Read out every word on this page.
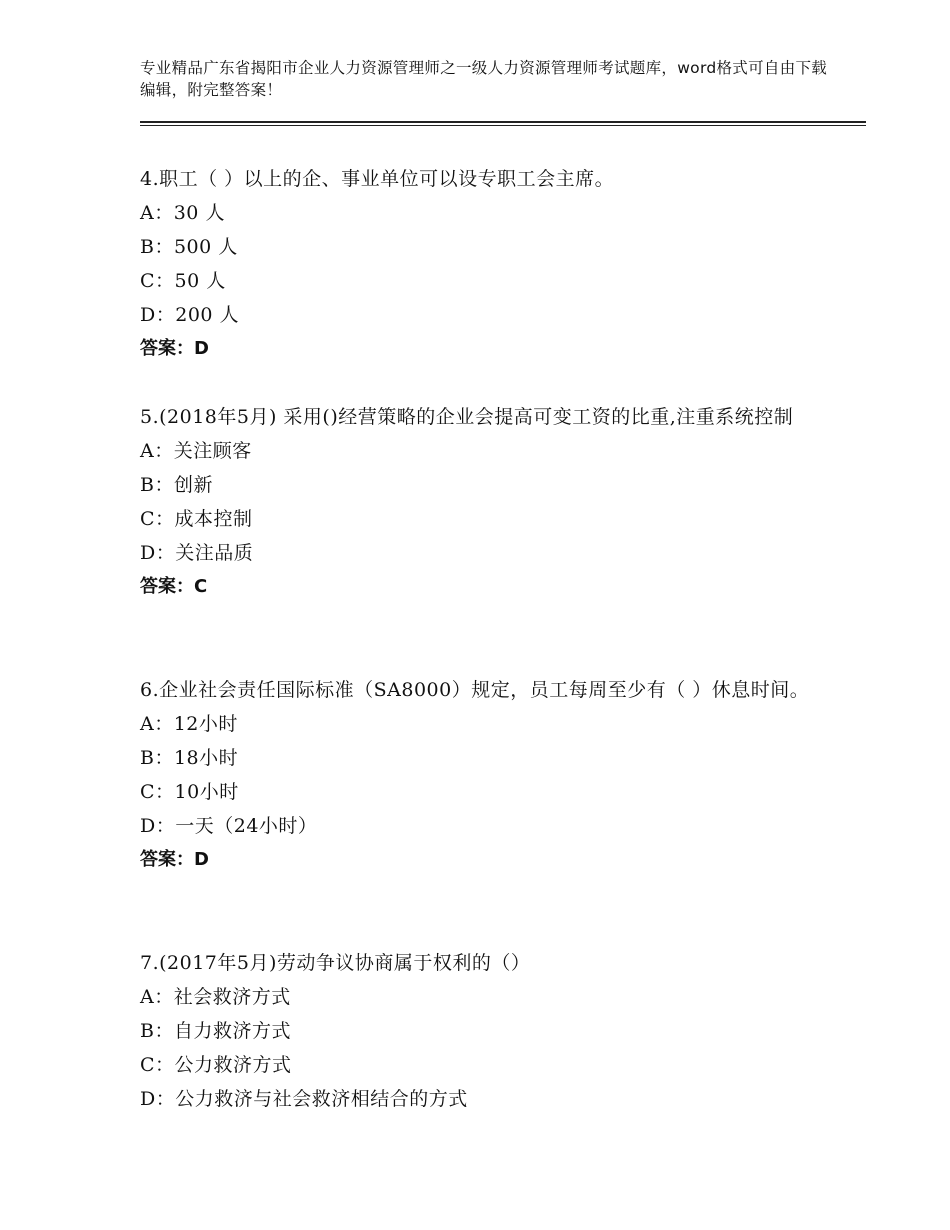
专业精品广东省揭阳市企业人力资源管理师之一级人力资源管理师考试题库，word格式可自由下载编辑，附完整答案！

4.职工（ ）以上的企、事业单位可以设专职工会主席。

A：30 人

B：500 人

C：50 人

D：200 人

答案：D

5.(2018年5月) 采用()经营策略的企业会提高可变工资的比重,注重系统控制

A：关注顾客

B：创新

C：成本控制

D：关注品质

答案：C

6.企业社会责任国际标准（SA8000）规定，员工每周至少有（ ）休息时间。

A：12小时

B：18小时

C：10小时

D：一天（24小时）

答案：D

7.(2017年5月)劳动争议协商属于权利的（）

A：社会救济方式

B：自力救济方式

C：公力救济方式

D：公力救济与社会救济相结合的方式
